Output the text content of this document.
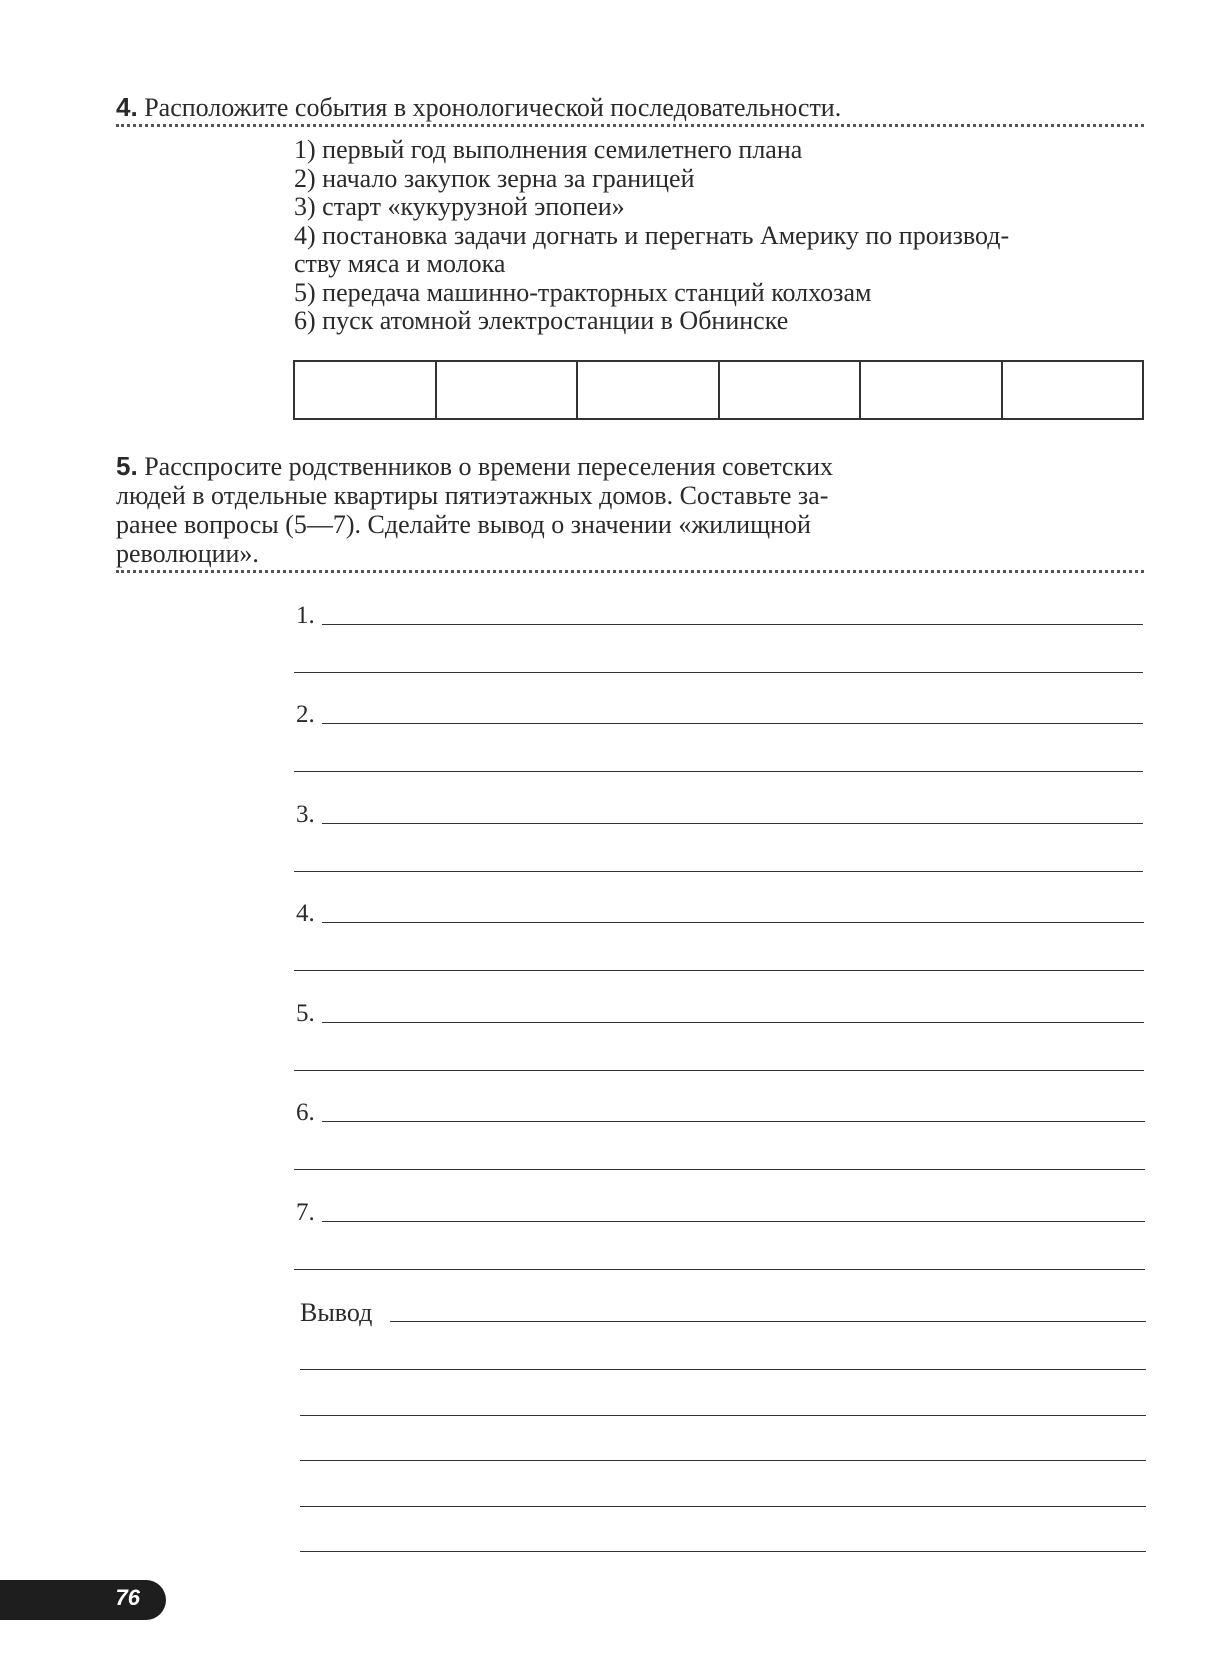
4. Расположите события в хронологической последовательности.
1) первый год выполнения семилетнего плана
2) начало закупок зерна за границей
3) старт «кукурузной эпопеи»
4) постановка задачи догнать и перегнать Америку по производ-
ству мяса и молока
5) передача машинно-тракторных станций колхозам
6) пуск атомной электростанции в Обнинске

5. Расспросите родственников о времени переселения советских
людей в отдельные квартиры пятиэтажных домов. Составьте за-
ранее вопросы (5—7). Сделайте вывод о значении «жилищной
революции».
1.
2.
3.
4.
5.
6.
7.
Вывод
76
